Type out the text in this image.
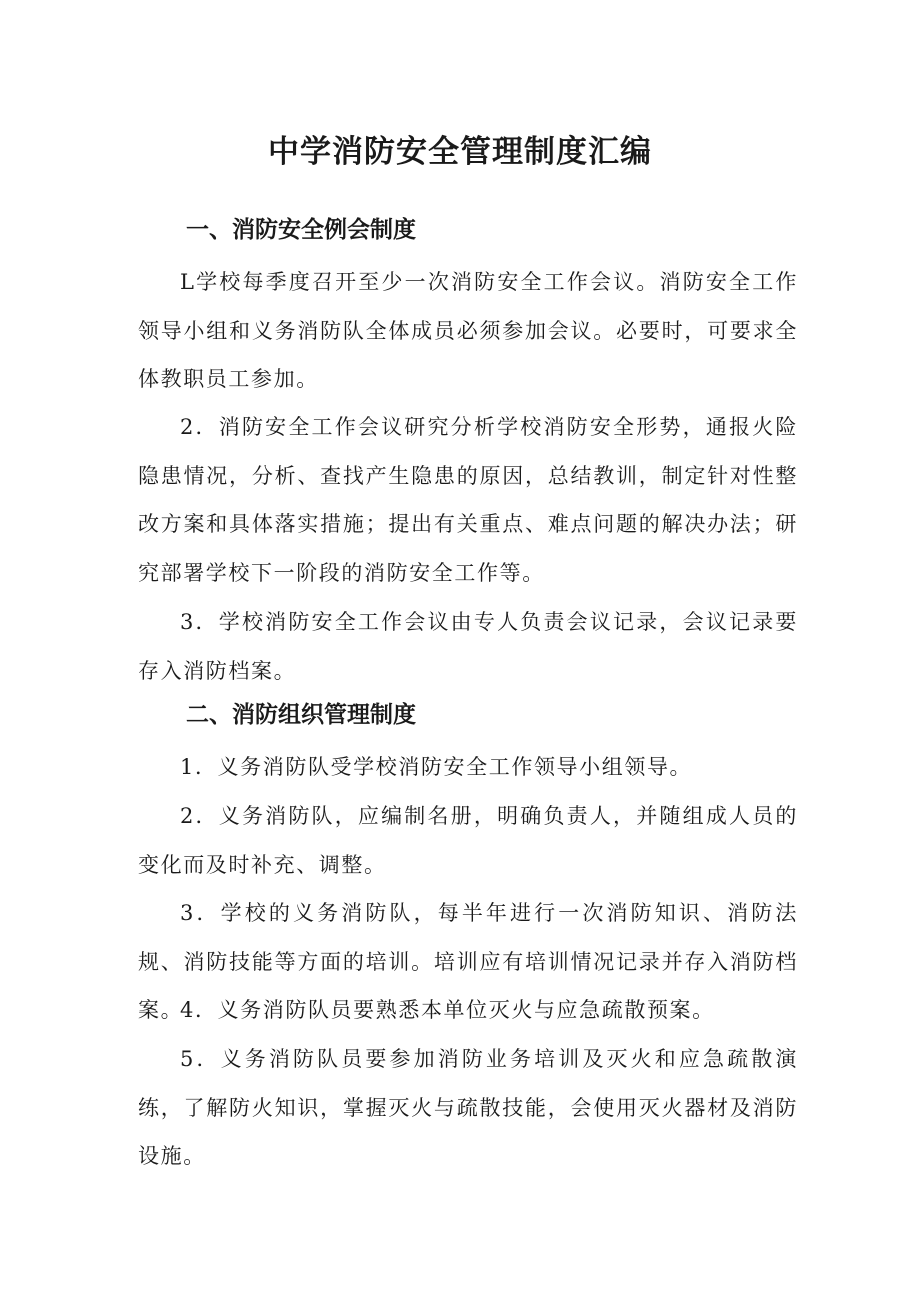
中学消防安全管理制度汇编
一、消防安全例会制度

L学校每季度召开至少一次消防安全工作会议。消防安全工作领导小组和义务消防队全体成员必须参加会议。必要时，可要求全体教职员工参加。

2．消防安全工作会议研究分析学校消防安全形势，通报火险隐患情况，分析、查找产生隐患的原因，总结教训，制定针对性整改方案和具体落实措施；提出有关重点、难点问题的解决办法；研究部署学校下一阶段的消防安全工作等。

3．学校消防安全工作会议由专人负责会议记录，会议记录要存入消防档案。

二、消防组织管理制度

1．义务消防队受学校消防安全工作领导小组领导。

2．义务消防队，应编制名册，明确负责人，并随组成人员的变化而及时补充、调整。

3．学校的义务消防队，每半年进行一次消防知识、消防法规、消防技能等方面的培训。培训应有培训情况记录并存入消防档案。

4．义务消防队员要熟悉本单位灭火与应急疏散预案。

5．义务消防队员要参加消防业务培训及灭火和应急疏散演练，了解防火知识，掌握灭火与疏散技能，会使用灭火器材及消防设施。
